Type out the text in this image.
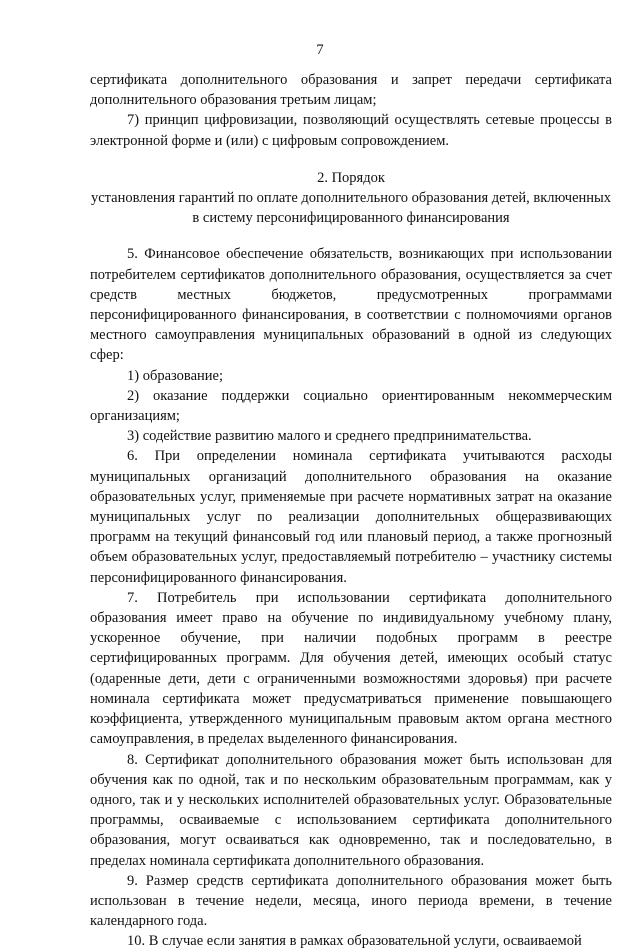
7

сертификата дополнительного образования и запрет передачи сертификата дополнительного образования третьим лицам;

7) принцип цифровизации, позволяющий осуществлять сетевые процессы в электронной форме и (или) с цифровым сопровождением.

2. Порядок

установления гарантий по оплате дополнительного образования детей, включенных в систему персонифицированного финансирования

5. Финансовое обеспечение обязательств, возникающих при использовании потребителем сертификатов дополнительного образования, осуществляется за счет средств местных бюджетов, предусмотренных программами персонифицированного финансирования, в соответствии с полномочиями органов местного самоуправления муниципальных образований в одной из следующих сфер:

1) образование;

2) оказание поддержки социально ориентированным некоммерческим организациям;

3) содействие развитию малого и среднего предпринимательства.

6. При определении номинала сертификата учитываются расходы муниципальных организаций дополнительного образования на оказание образовательных услуг, применяемые при расчете нормативных затрат на оказание муниципальных услуг по реализации дополнительных общеразвивающих программ на текущий финансовый год или плановый период, а также прогнозный объем образовательных услуг, предоставляемый потребителю – участнику системы персонифицированного финансирования.

7. Потребитель при использовании сертификата дополнительного образования имеет право на обучение по индивидуальному учебному плану, ускоренное обучение, при наличии подобных программ в реестре сертифицированных программ. Для обучения детей, имеющих особый статус (одаренные дети, дети с ограниченными возможностями здоровья) при расчете номинала сертификата может предусматриваться применение повышающего коэффициента, утвержденного муниципальным правовым актом органа местного самоуправления, в пределах выделенного финансирования.

8. Сертификат дополнительного образования может быть использован для обучения как по одной, так и по нескольким образовательным программам, как у одного, так и у нескольких исполнителей образовательных услуг. Образовательные программы, осваиваемые с использованием сертификата дополнительного образования, могут осваиваться как одновременно, так и последовательно, в пределах номинала сертификата дополнительного образования.

9. Размер средств сертификата дополнительного образования может быть использован в течение недели, месяца, иного периода времени, в течение календарного года.

10. В случае если занятия в рамках образовательной услуги, осваиваемой
